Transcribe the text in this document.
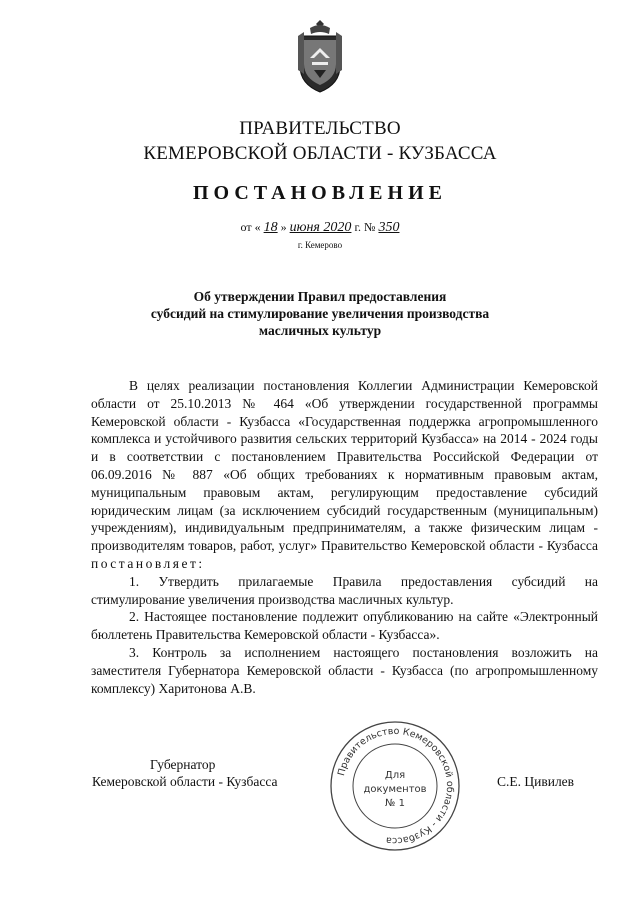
ПРАВИТЕЛЬСТВО
КЕМЕРОВСКОЙ ОБЛАСТИ - КУЗБАССА
ПОСТАНОВЛЕНИЕ
от « 18 » июня 2020 г. № 350
г. Кемерово
Об утверждении Правил предоставления
субсидий на стимулирование увеличения производства
масличных культур

В целях реализации постановления Коллегии Администрации Кемеровской области от 25.10.2013 № 464 «Об утверждении государственной программы Кемеровской области - Кузбасса «Государственная поддержка агропромышленного комплекса и устойчивого развития сельских территорий Кузбасса» на 2014 - 2024 годы и в соответствии с постановлением Правительства Российской Федерации от 06.09.2016 № 887 «Об общих требованиях к нормативным правовым актам, муниципальным правовым актам, регулирующим предоставление субсидий юридическим лицам (за исключением субсидий государственным (муниципальным) учреждениям), индивидуальным предпринимателям, а также физическим лицам - производителям товаров, работ, услуг» Правительство Кемеровской области - Кузбасса постановляет:

1. Утвердить прилагаемые Правила предоставления субсидий на стимулирование увеличения производства масличных культур.

2. Настоящее постановление подлежит опубликованию на сайте «Электронный бюллетень Правительства Кемеровской области - Кузбасса».

3. Контроль за исполнением настоящего постановления возложить на заместителя Губернатора Кемеровской области - Кузбасса (по агропромышленному комплексу) Харитонова А.В.

Губернатор
Кемеровской области - Кузбасса	С.Е. Цивилев
Правительство Кемеровской области - Кузбасса
Для
документов
№ 1
